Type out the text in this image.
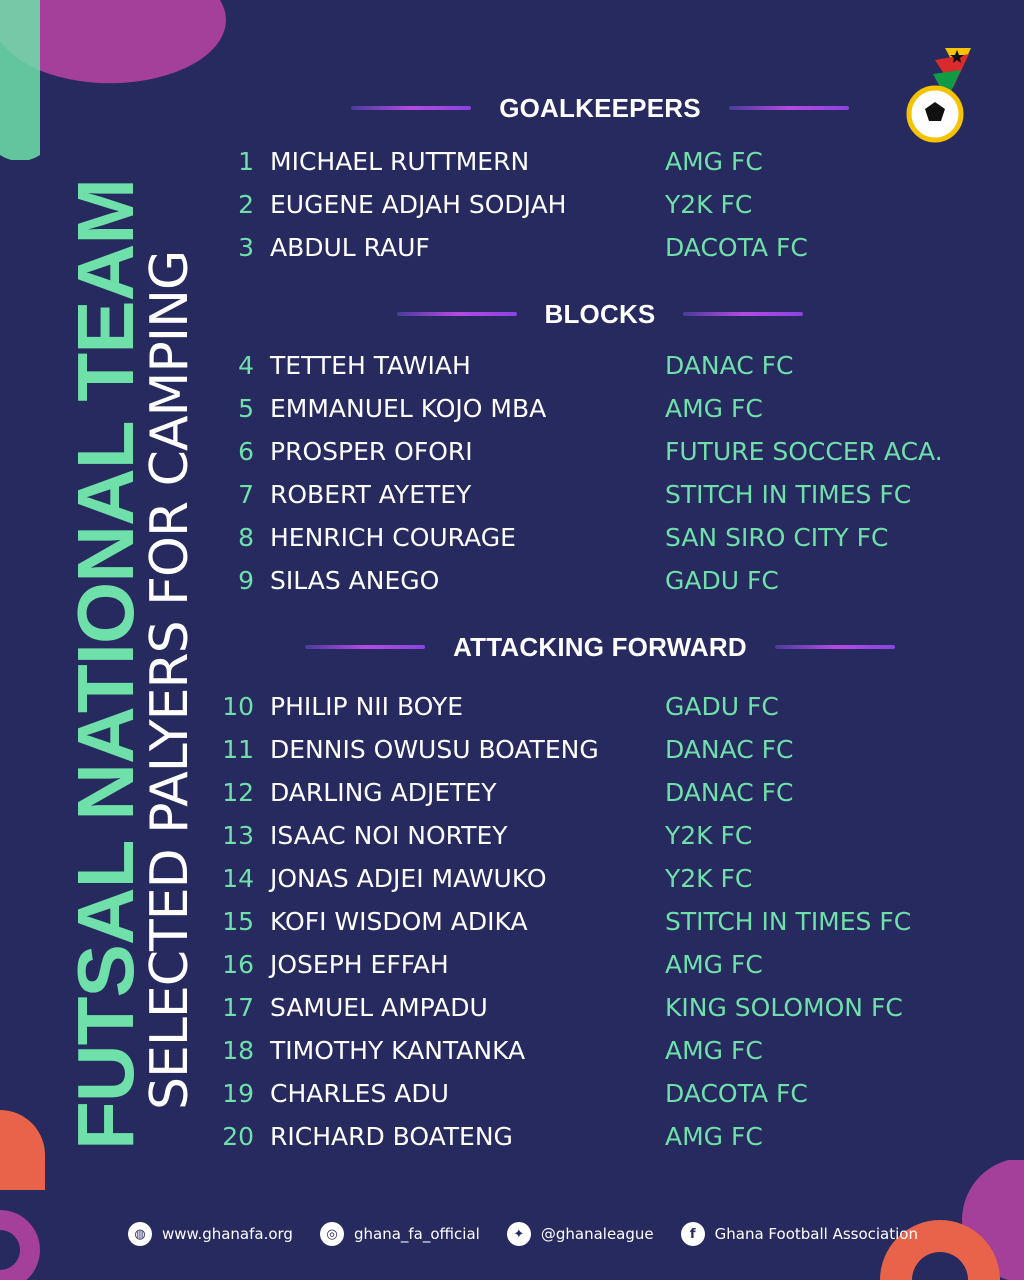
FUTSAL NATIONAL TEAM
SELECTED PALYERS FOR CAMPING
GOALKEEPERS
1 MICHAEL RUTTMERN	AMG FC
2 EUGENE ADJAH SODJAH	Y2K FC
3 ABDUL RAUF	DACOTA FC
BLOCKS
4 TETTEH TAWIAH	DANAC FC
5 EMMANUEL KOJO MBA	AMG FC
6 PROSPER OFORI	FUTURE SOCCER ACA.
7 ROBERT AYETEY	STITCH IN TIMES FC
8 HENRICH COURAGE	SAN SIRO CITY FC
9 SILAS ANEGO	GADU FC
ATTACKING FORWARD
10 PHILIP NII BOYE	GADU FC
11 DENNIS OWUSU BOATENG	DANAC FC
12 DARLING ADJETEY	DANAC FC
13 ISAAC NOI NORTEY	Y2K FC
14 JONAS ADJEI MAWUKO	Y2K FC
15 KOFI WISDOM ADIKA	STITCH IN TIMES FC
16 JOSEPH EFFAH	AMG FC
17 SAMUEL AMPADU	KING SOLOMON FC
18 TIMOTHY KANTANKA	AMG FC
19 CHARLES ADU	DACOTA FC
20 RICHARD BOATENG	AMG FC
◍	www.ghanafa.org	◎	ghana_fa_official	✦	@ghanaleague	f	Ghana Football Association
